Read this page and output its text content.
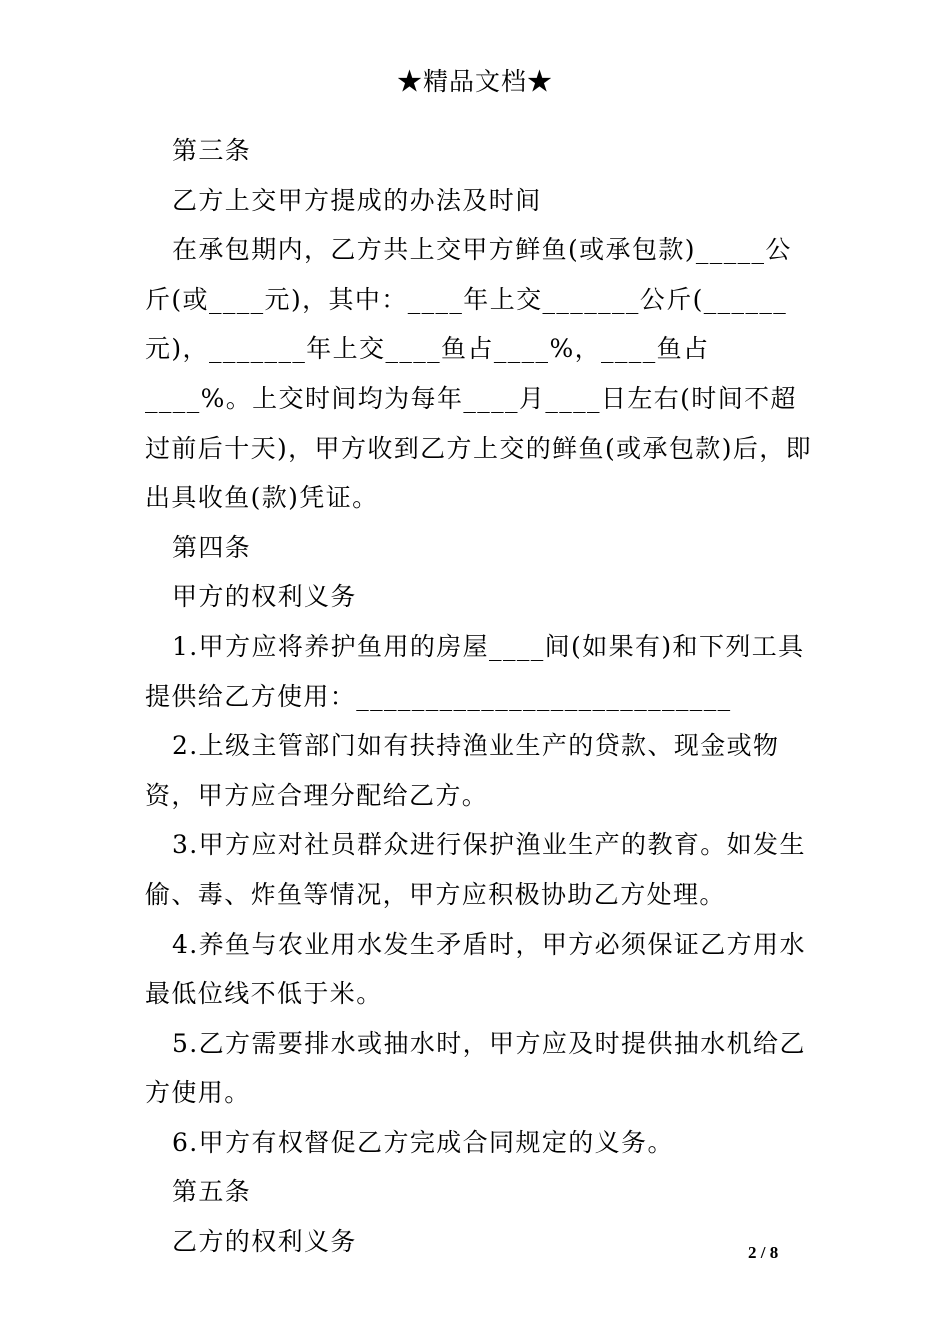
★精品文档★
第三条
乙方上交甲方提成的办法及时间
在承包期内，乙方共上交甲方鲜鱼(或承包款)_____公斤(或____元)，其中：____年上交_______公斤(______元)，_______年上交____鱼占____%，____鱼占____%。上交时间均为每年____月____日左右(时间不超过前后十天)，甲方收到乙方上交的鲜鱼(或承包款)后，即出具收鱼(款)凭证。
第四条
甲方的权利义务
1.甲方应将养护鱼用的房屋____间(如果有)和下列工具提供给乙方使用：___________________________
2.上级主管部门如有扶持渔业生产的贷款、现金或物资，甲方应合理分配给乙方。
3.甲方应对社员群众进行保护渔业生产的教育。如发生偷、毒、炸鱼等情况，甲方应积极协助乙方处理。
4.养鱼与农业用水发生矛盾时，甲方必须保证乙方用水最低位线不低于米。
5.乙方需要排水或抽水时，甲方应及时提供抽水机给乙方使用。
6.甲方有权督促乙方完成合同规定的义务。
第五条
乙方的权利义务	2 / 8
